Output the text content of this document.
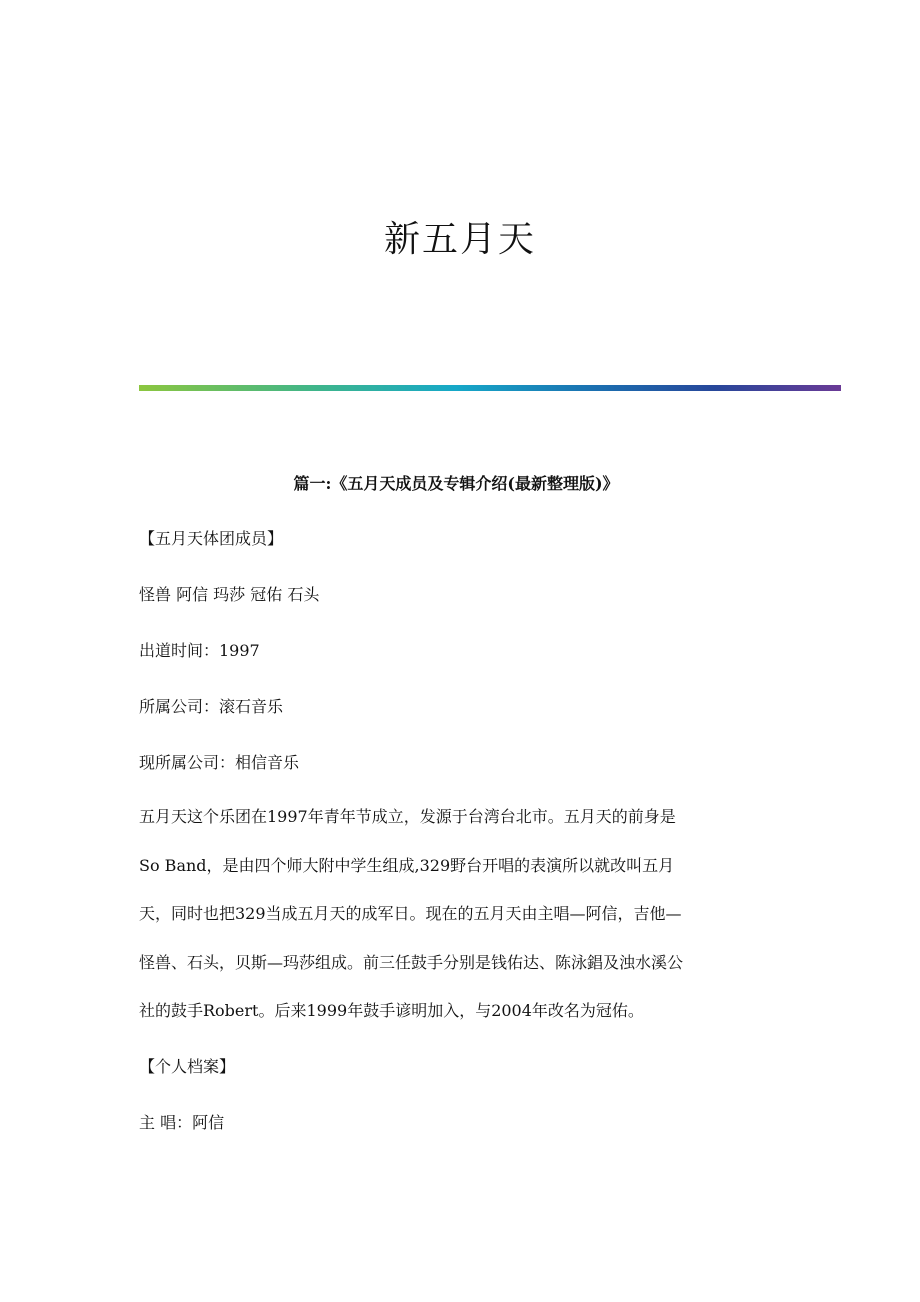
新五月天
篇一:《五月天成员及专辑介绍(最新整理版)》

【五月天体团成员】

怪兽 阿信 玛莎 冠佑 石头

出道时间：1997

所属公司：滚石音乐

现所属公司：相信音乐

五月天这个乐团在1997年青年节成立，发源于台湾台北市。五月天的前身是
So Band，是由四个师大附中学生组成,329野台开唱的表演所以就改叫五月
天，同时也把329当成五月天的成军日。现在的五月天由主唱—阿信，吉他—
怪兽、石头，贝斯—玛莎组成。前三任鼓手分别是钱佑达、陈泳錩及浊水溪公
社的鼓手Robert。后来1999年鼓手谚明加入，与2004年改名为冠佑。

【个人档案】

主 唱：阿信
